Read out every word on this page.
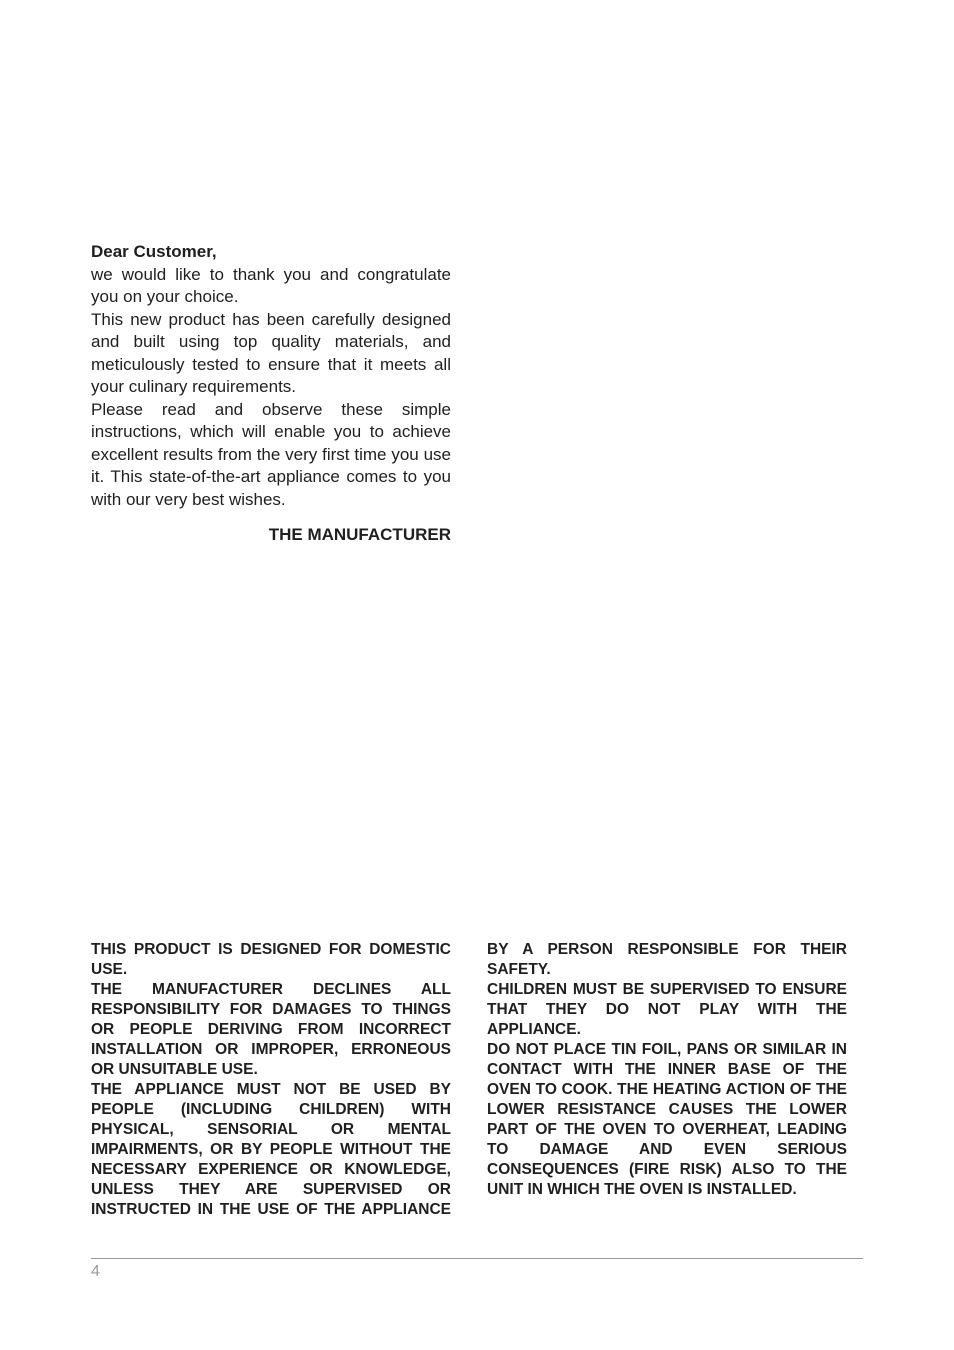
Dear Customer,

we would like to thank you and congratulate you on your choice.

This new product has been carefully designed and built using top quality materials, and meticulously tested to ensure that it meets all your culinary requirements.

Please read and observe these simple instructions, which will enable you to achieve excellent results from the very first time you use it. This state-of-the-art appliance comes to you with our very best wishes.

THE MANUFACTURER

THIS PRODUCT IS DESIGNED FOR DOMESTIC USE.

THE MANUFACTURER DECLINES ALL RESPONSIBILITY FOR DAMAGES TO THINGS OR PEOPLE DERIVING FROM INCORRECT INSTALLATION OR IMPROPER, ERRONEOUS OR UNSUITABLE USE.

THE APPLIANCE MUST NOT BE USED BY PEOPLE (INCLUDING CHILDREN) WITH PHYSICAL, SENSORIAL OR MENTAL IMPAIRMENTS, OR BY PEOPLE WITHOUT THE NECESSARY EXPERIENCE OR KNOWLEDGE, UNLESS THEY ARE SUPERVISED OR INSTRUCTED IN THE USE OF THE APPLIANCE

BY A PERSON RESPONSIBLE FOR THEIR SAFETY.

CHILDREN MUST BE SUPERVISED TO ENSURE THAT THEY DO NOT PLAY WITH THE APPLIANCE.

DO NOT PLACE TIN FOIL, PANS OR SIMILAR IN CONTACT WITH THE INNER BASE OF THE OVEN TO COOK. THE HEATING ACTION OF THE LOWER RESISTANCE CAUSES THE LOWER PART OF THE OVEN TO OVERHEAT, LEADING TO DAMAGE AND EVEN SERIOUS CONSEQUENCES (FIRE RISK) ALSO TO THE UNIT IN WHICH THE OVEN IS INSTALLED.

4
